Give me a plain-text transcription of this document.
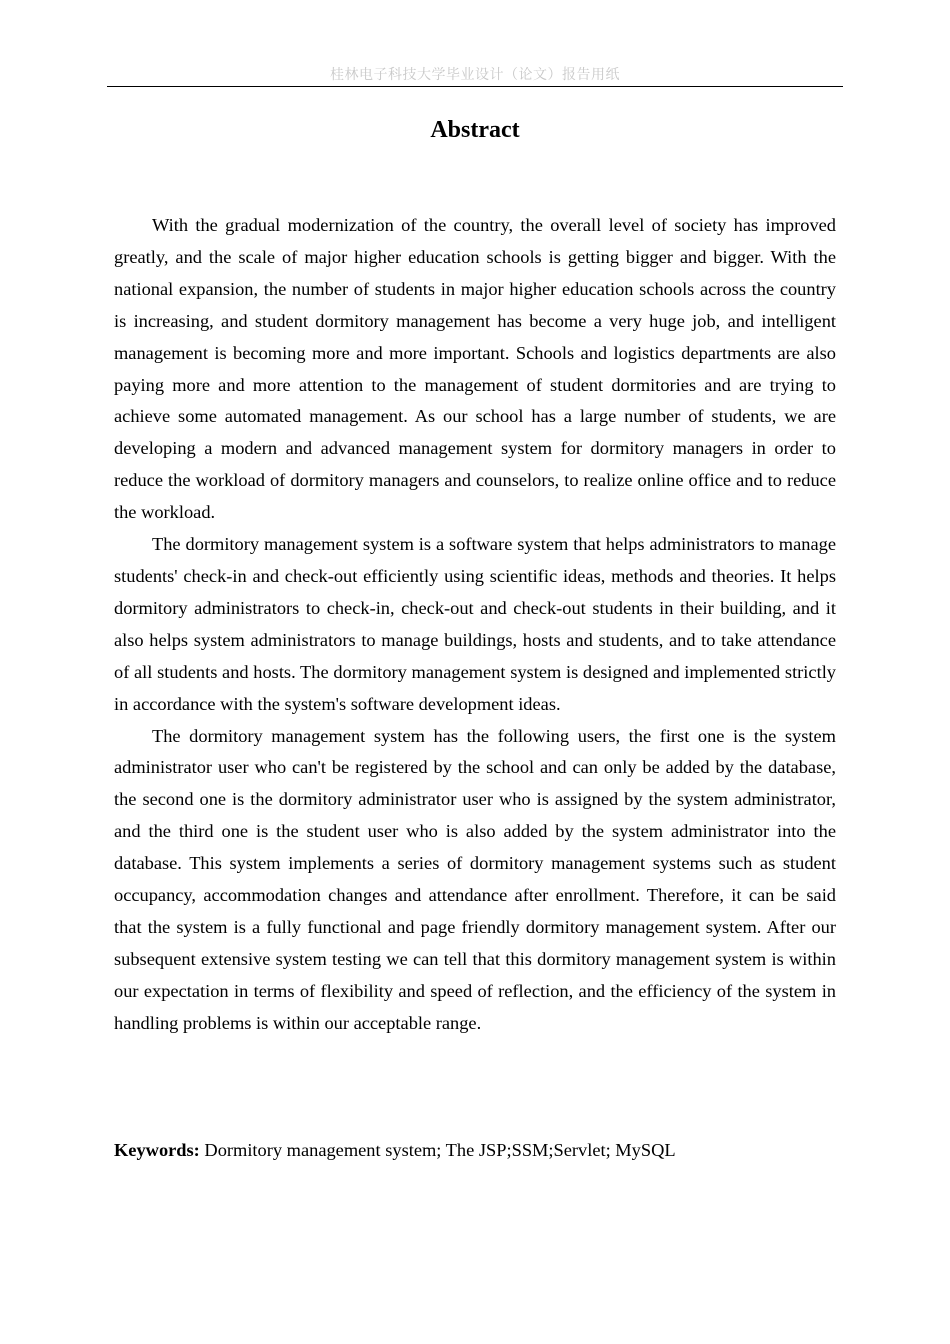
桂林电子科技大学毕业设计（论文）报告用纸
Abstract

With the gradual modernization of the country, the overall level of society has improved greatly, and the scale of major higher education schools is getting bigger and bigger. With the national expansion, the number of students in major higher education schools across the country is increasing, and student dormitory management has become a very huge job, and intelligent management is becoming more and more important. Schools and logistics departments are also paying more and more attention to the management of student dormitories and are trying to achieve some automated management. As our school has a large number of students, we are developing a modern and advanced management system for dormitory managers in order to reduce the workload of dormitory managers and counselors, to realize online office and to reduce the workload.

The dormitory management system is a software system that helps administrators to manage students' check-in and check-out efficiently using scientific ideas, methods and theories. It helps dormitory administrators to check-in, check-out and check-out students in their building, and it also helps system administrators to manage buildings, hosts and students, and to take attendance of all students and hosts. The dormitory management system is designed and implemented strictly in accordance with the system's software development ideas.

The dormitory management system has the following users, the first one is the system administrator user who can't be registered by the school and can only be added by the database, the second one is the dormitory administrator user who is assigned by the system administrator, and the third one is the student user who is also added by the system administrator into the database. This system implements a series of dormitory management systems such as student occupancy, accommodation changes and attendance after enrollment. Therefore, it can be said that the system is a fully functional and page friendly dormitory management system. After our subsequent extensive system testing we can tell that this dormitory management system is within our expectation in terms of flexibility and speed of reflection, and the efficiency of the system in handling problems is within our acceptable range.

Keywords: Dormitory management system; The JSP;SSM;Servlet; MySQL
